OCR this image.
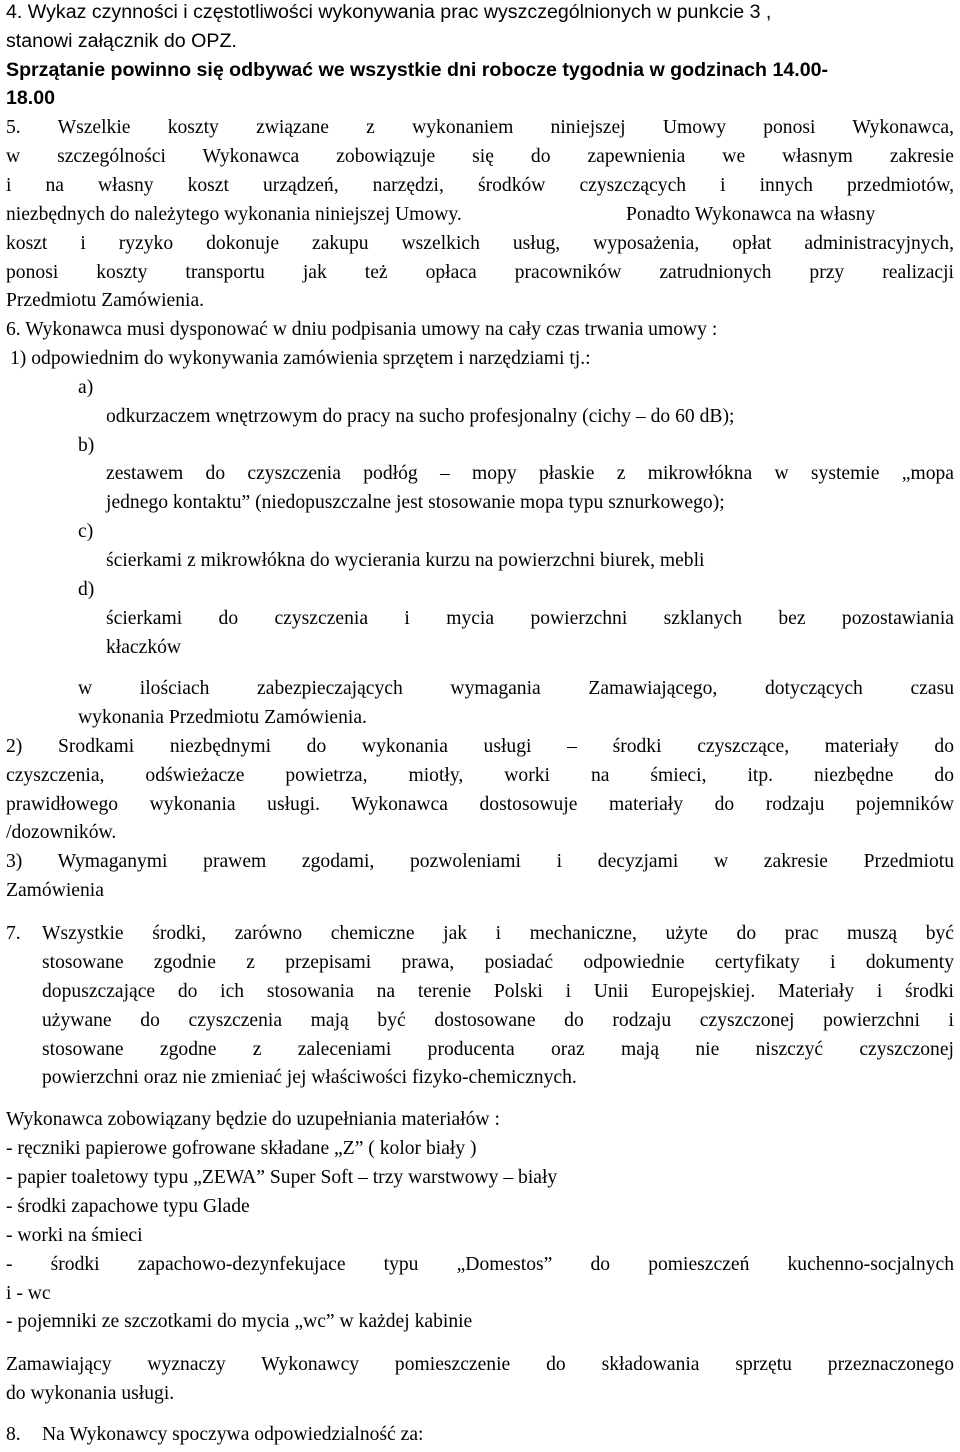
4. Wykaz czynności i częstotliwości wykonywania prac wyszczególnionych w punkcie 3 ,
stanowi załącznik do OPZ.
Sprzątanie powinno się odbywać we wszystkie dni robocze tygodnia w godzinach 14.00-
18.00
5. Wszelkie koszty związane z wykonaniem niniejszej Umowy ponosi Wykonawca,
w szczególności Wykonawca zobowiązuje się do zapewnienia we własnym zakresie
i na własny koszt urządzeń, narzędzi, środków czyszczących i innych przedmiotów,
niezbędnych do należytego wykonania niniejszej Umowy.	Ponadto Wykonawca na własny
koszt i ryzyko dokonuje zakupu wszelkich usług, wyposażenia, opłat administracyjnych,
ponosi koszty transportu jak też opłaca pracowników zatrudnionych przy realizacji
Przedmiotu Zamówienia.
6. Wykonawca musi dysponować w dniu podpisania umowy na cały czas trwania umowy :
1) odpowiednim do wykonywania zamówienia sprzętem i narzędziami tj.:
a)
odkurzaczem wnętrzowym do pracy na sucho profesjonalny (cichy – do 60 dB);
b)
zestawem do czyszczenia podłóg – mopy płaskie z mikrowłókna w systemie „mopa
jednego kontaktu” (niedopuszczalne jest stosowanie mopa typu sznurkowego);
c)
ścierkami z mikrowłókna do wycierania kurzu na powierzchni biurek, mebli
d)
ścierkami do czyszczenia i mycia powierzchni szklanych bez pozostawiania
kłaczków
w ilościach zabezpieczających wymagania Zamawiającego, dotyczących czasu
wykonania Przedmiotu Zamówienia.
2) Środkami niezbędnymi do wykonania usługi – środki czyszczące, materiały do
czyszczenia, odświeżacze powietrza, miotły, worki na śmieci, itp. niezbędne do
prawidłowego wykonania usługi. Wykonawca dostosowuje materiały do rodzaju pojemników
/dozowników.
3) Wymaganymi prawem zgodami, pozwoleniami i decyzjami w zakresie Przedmiotu
Zamówienia
7. Wszystkie środki, zarówno chemiczne jak i mechaniczne, użyte do prac muszą być
stosowane zgodnie z przepisami prawa, posiadać odpowiednie certyfikaty i dokumenty
dopuszczające do ich stosowania na terenie Polski i Unii Europejskiej. Materiały i środki
używane do czyszczenia mają być dostosowane do rodzaju czyszczonej powierzchni i
stosowane zgodne z zaleceniami producenta oraz mają nie niszczyć czyszczonej
powierzchni oraz nie zmieniać jej właściwości fizyko-chemicznych.
Wykonawca zobowiązany będzie do uzupełniania materiałów :
- ręczniki papierowe gofrowane składane „Z” ( kolor biały )
- papier toaletowy typu „ZEWA” Super Soft – trzy warstwowy – biały
- środki zapachowe typu Glade
- worki na śmieci
- środki zapachowo-dezynfekujace typu „Domestos” do pomieszczeń kuchenno-socjalnych
i - wc
- pojemniki ze szczotkami do mycia „wc” w każdej kabinie
Zamawiający wyznaczy Wykonawcy pomieszczenie do składowania sprzętu przeznaczonego
do wykonania usługi.
8. Na Wykonawcy spoczywa odpowiedzialność za:
